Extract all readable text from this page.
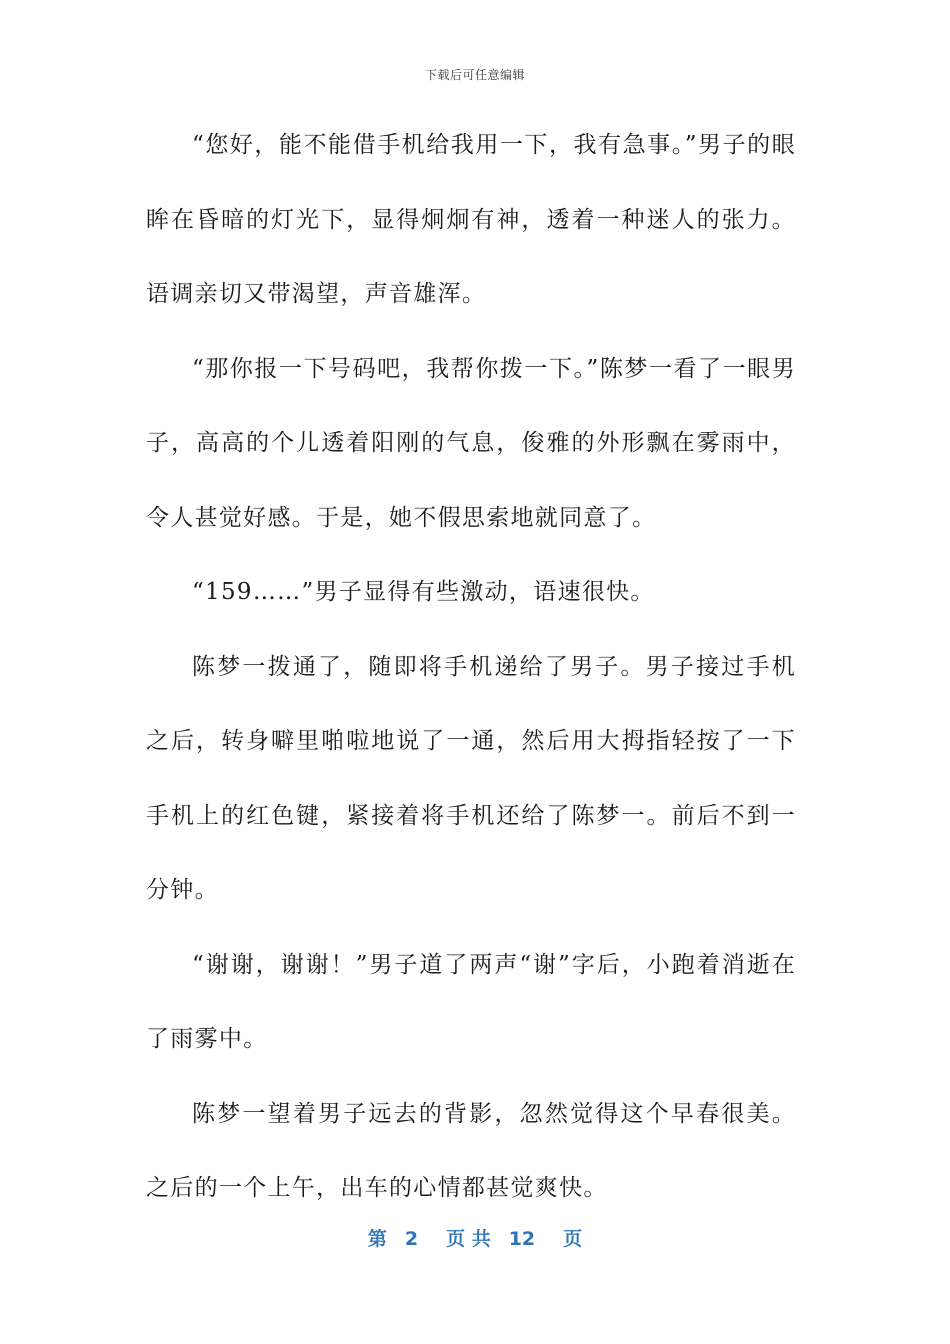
下载后可任意编辑

“您好，能不能借手机给我用一下，我有急事。”男子的眼眸在昏暗的灯光下，显得炯炯有神，透着一种迷人的张力。语调亲切又带渴望，声音雄浑。

“那你报一下号码吧，我帮你拨一下。”陈梦一看了一眼男子，高高的个儿透着阳刚的气息，俊雅的外形飘在雾雨中，令人甚觉好感。于是，她不假思索地就同意了。

“159……”男子显得有些激动，语速很快。

陈梦一拨通了，随即将手机递给了男子。男子接过手机之后，转身噼里啪啦地说了一通，然后用大拇指轻按了一下手机上的红色键，紧接着将手机还给了陈梦一。前后不到一分钟。

“谢谢，谢谢！”男子道了两声“谢”字后，小跑着消逝在了雨雾中。

陈梦一望着男子远去的背影，忽然觉得这个早春很美。之后的一个上午，出车的心情都甚觉爽快。

第 2 页 共 12 页
